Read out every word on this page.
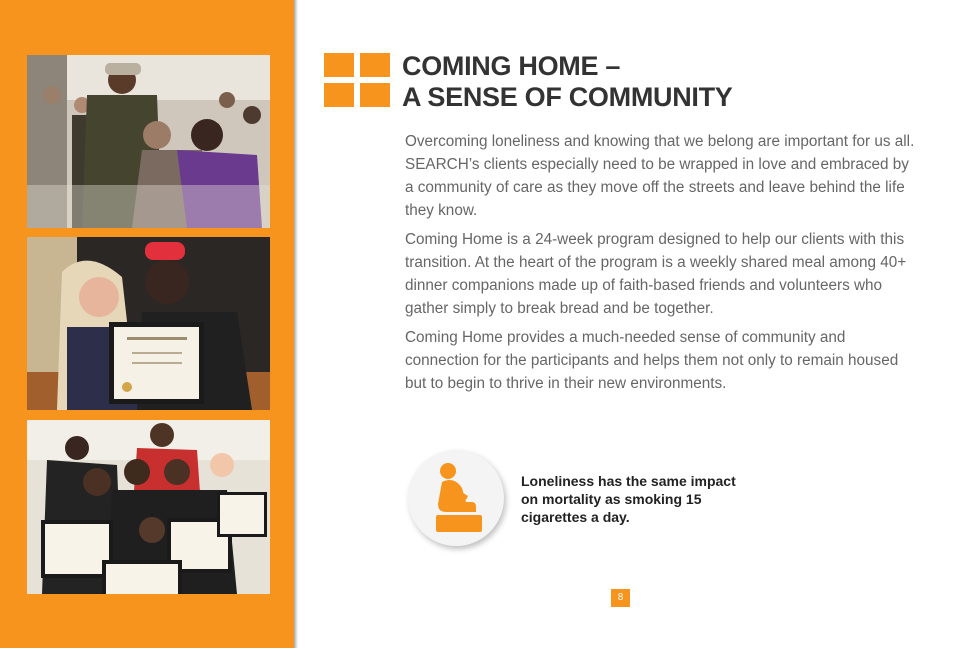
COMING HOME –
A SENSE OF COMMUNITY

Overcoming loneliness and knowing that we belong are important for us all. SEARCH’s clients especially need to be wrapped in love and embraced by a community of care as they move off the streets and leave behind the life they know.

Coming Home is a 24-week program designed to help our clients with this transition. At the heart of the program is a weekly shared meal among 40+ dinner companions made up of faith-based friends and volunteers who gather simply to break bread and be together.

Coming Home provides a much-needed sense of community and connection for the participants and helps them not only to remain housed but to begin to thrive in their new environments.

Loneliness has the same impact on mortality as smoking 15 cigarettes a day.
8
